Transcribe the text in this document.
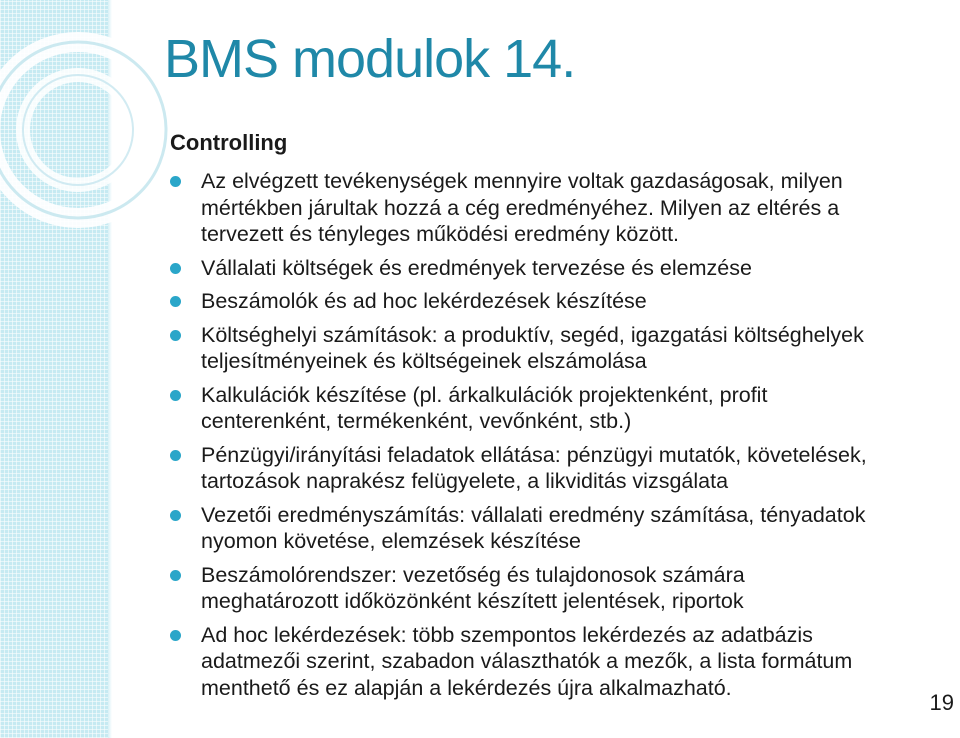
BMS modulok 14.
Controlling
Az elvégzett tevékenységek mennyire voltak gazdaságosak, milyen
mértékben járultak hozzá a cég eredményéhez. Milyen az eltérés a
tervezett és tényleges működési eredmény között.
Vállalati költségek és eredmények tervezése és elemzése
Beszámolók és ad hoc lekérdezések készítése
Költséghelyi számítások: a produktív, segéd, igazgatási költséghelyek
teljesítményeinek és költségeinek elszámolása
Kalkulációk készítése (pl. árkalkulációk projektenként, profit
centerenként, termékenként, vevőnként, stb.)
Pénzügyi/irányítási feladatok ellátása: pénzügyi mutatók, követelések,
tartozások naprakész felügyelete, a likviditás vizsgálata
Vezetői eredményszámítás: vállalati eredmény számítása, tényadatok
nyomon követése, elemzések készítése
Beszámolórendszer: vezetőség és tulajdonosok számára
meghatározott időközönként készített jelentések, riportok
Ad hoc lekérdezések: több szempontos lekérdezés az adatbázis
adatmezői szerint, szabadon választhatók a mezők, a lista formátum
menthető és ez alapján a lekérdezés újra alkalmazható.
19
